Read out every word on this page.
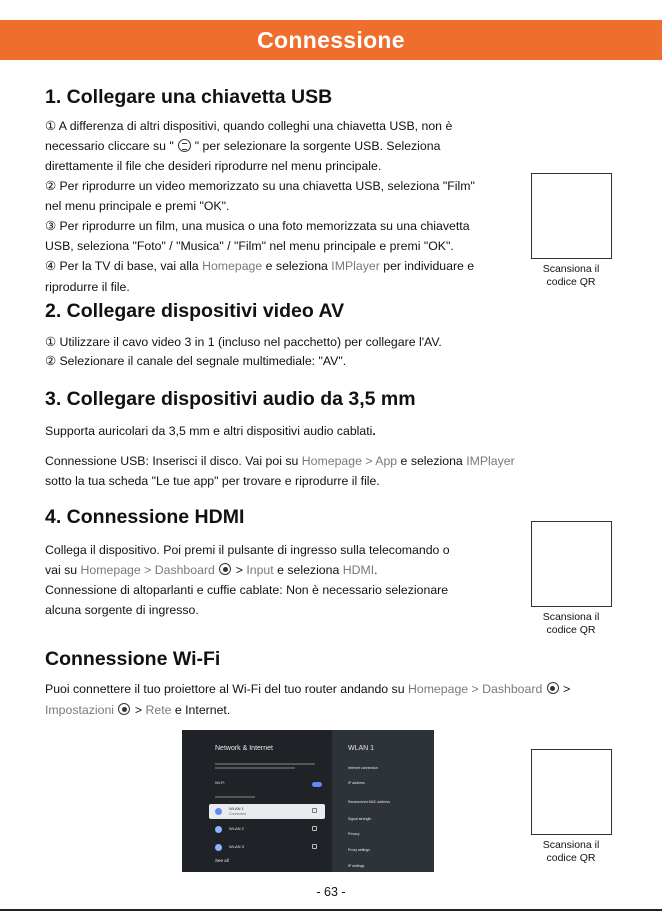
Connessione
1. Collegare una chiavetta USB
① A differenza di altri dispositivi, quando colleghi una chiavetta USB, non è
necessario cliccare su " " per selezionare la sorgente USB. Seleziona
direttamente il file che desideri riprodurre nel menu principale.
② Per riprodurre un video memorizzato su una chiavetta USB, seleziona "Film"
nel menu principale e premi "OK".
③ Per riprodurre un film, una musica o una foto memorizzata su una chiavetta
USB, seleziona "Foto" / "Musica" / "Film" nel menu principale e premi "OK".
④ Per la TV di base, vai alla Homepage e seleziona IMPlayer per individuare e
riprodurre il file.
Scansiona il
codice QR
2. Collegare dispositivi video AV
① Utilizzare il cavo video 3 in 1 (incluso nel pacchetto) per collegare l'AV.
② Selezionare il canale del segnale multimediale: "AV".
3. Collegare dispositivi audio da 3,5 mm
Supporta auricolari da 3,5 mm e altri dispositivi audio cablati.
Connessione USB: Inserisci il disco. Vai poi su Homepage > App e seleziona IMPlayer
sotto la tua scheda "Le tue app" per trovare e riprodurre il file.
4. Connessione HDMI
Collega il dispositivo. Poi premi il pulsante di ingresso sulla telecomando o
vai su Homepage > Dashboard  > Input e seleziona HDMI.
Connessione di altoparlanti e cuffie cablate: Non è necessario selezionare
alcuna sorgente di ingresso.	Scansiona il
codice QR
Connessione Wi-Fi
Puoi connettere il tuo proiettore al Wi-Fi del tuo router andando su Homepage > Dashboard  >
Impostazioni  > Rete e Internet.
Network & Internet
Wi-Fi
WLAN 1
Connected
WLAN 2
WLAN 3
See all
WLAN 1
Internet connection
IP address
Randomized MAC address
Signal strength
Privacy
Proxy settings
IP settings
Scansiona il
codice QR
- 63 -
